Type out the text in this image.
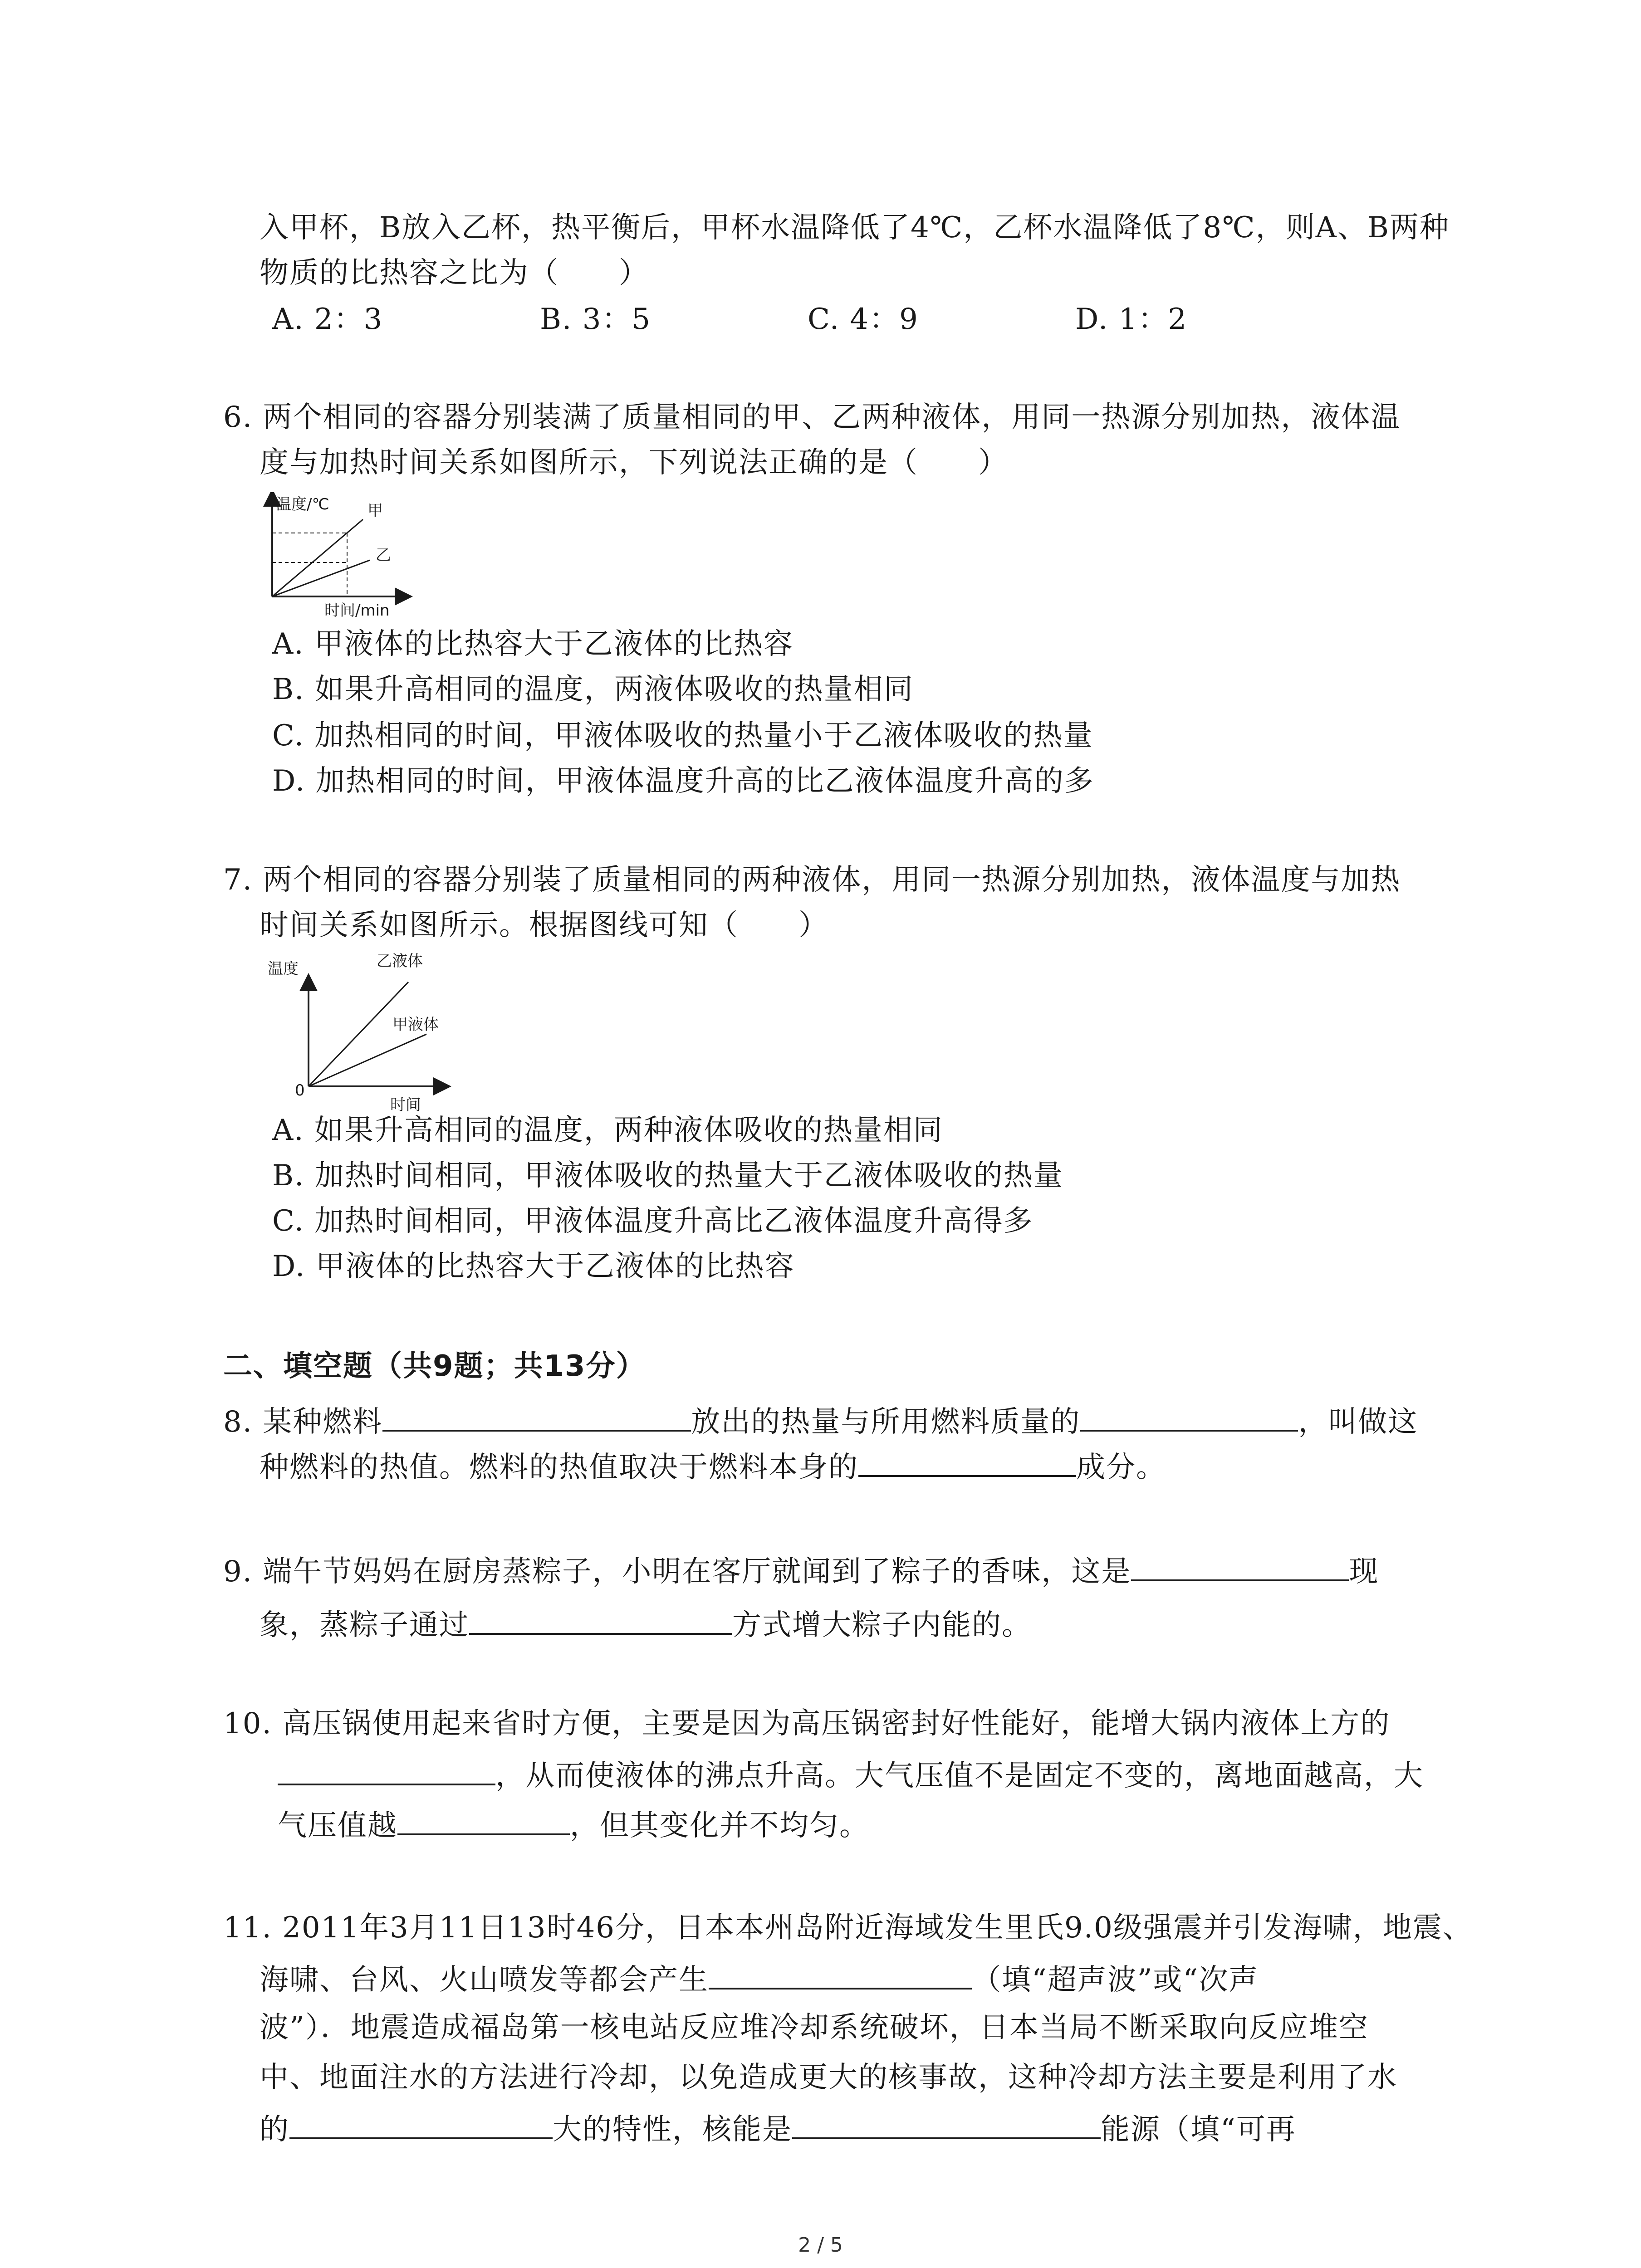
入甲杯，B放入乙杯，热平衡后，甲杯水温降低了4℃，乙杯水温降低了8℃，则A、B两种
物质的比热容之比为（　　）
A. 2：3	B. 3：5	C. 4：9	D. 1：2
6. 两个相同的容器分别装满了质量相同的甲、乙两种液体，用同一热源分别加热，液体温
度与加热时间关系如图所示，下列说法正确的是（　　）
温度/℃
时间/min
甲
乙
A. 甲液体的比热容大于乙液体的比热容
B. 如果升高相同的温度，两液体吸收的热量相同
C. 加热相同的时间，甲液体吸收的热量小于乙液体吸收的热量
D. 加热相同的时间，甲液体温度升高的比乙液体温度升高的多
7. 两个相同的容器分别装了质量相同的两种液体，用同一热源分别加热，液体温度与加热
时间关系如图所示。根据图线可知（　　）
温度
时间
0
乙液体
甲液体
A. 如果升高相同的温度，两种液体吸收的热量相同
B. 加热时间相同，甲液体吸收的热量大于乙液体吸收的热量
C. 加热时间相同，甲液体温度升高比乙液体温度升高得多
D. 甲液体的比热容大于乙液体的比热容
二、填空题（共9题；共13分）
8. 某种燃料	放出的热量与所用燃料质量的	，叫做这
种燃料的热值。燃料的热值取决于燃料本身的	成分。
9. 端午节妈妈在厨房蒸粽子，小明在客厅就闻到了粽子的香味，这是	现
象，蒸粽子通过	方式增大粽子内能的。
10. 高压锅使用起来省时方便，主要是因为高压锅密封好性能好，能增大锅内液体上方的
，从而使液体的沸点升高。大气压值不是固定不变的，离地面越高，大
气压值越	，但其变化并不均匀。
11. 2011年3月11日13时46分，日本本州岛附近海域发生里氏9.0级强震并引发海啸，地震、
海啸、台风、火山喷发等都会产生	（填“超声波”或“次声
波”）．地震造成福岛第一核电站反应堆冷却系统破坏，日本当局不断采取向反应堆空
中、地面注水的方法进行冷却，以免造成更大的核事故，这种冷却方法主要是利用了水
的	大的特性，核能是	能源（填“可再
2 / 5
